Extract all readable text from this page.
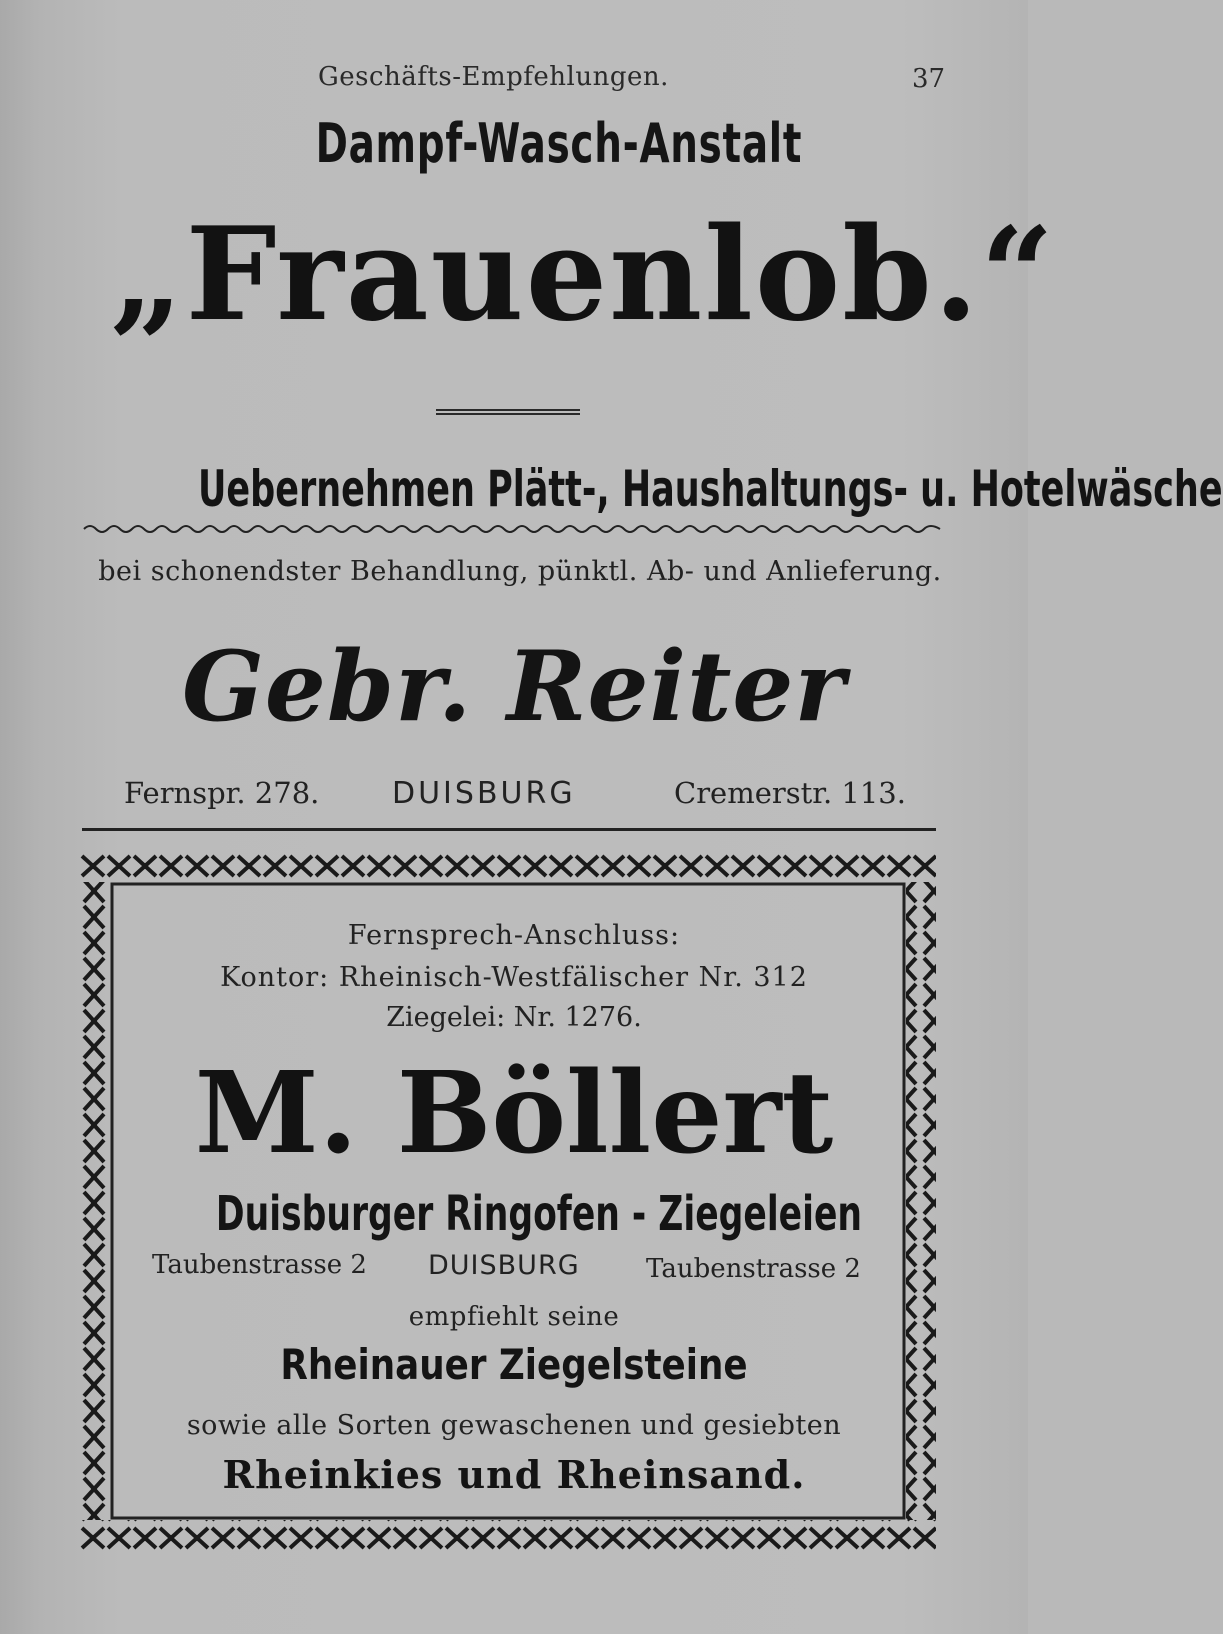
Geschäfts-Empfehlungen.	37
Dampf-Wasch-Anstalt
„Frauenlob.“
Uebernehmen Plätt-, Haushaltungs- u. Hotelwäsche
bei schonendster Behandlung, pünktl. Ab- und Anlieferung.
Gebr. Reiter
Fernspr. 278. DUISBURG	Cremerstr. 113.
Fernsprech-Anschluss:
Kontor: Rheinisch-Westfälischer Nr. 312
Ziegelei: Nr. 1276.
M. Böllert
Duisburger Ringofen - Ziegeleien
Taubenstrasse 2 DUISBURG	Taubenstrasse 2
empfiehlt seine
Rheinauer Ziegelsteine
sowie alle Sorten gewaschenen und gesiebten
Rheinkies und Rheinsand.
